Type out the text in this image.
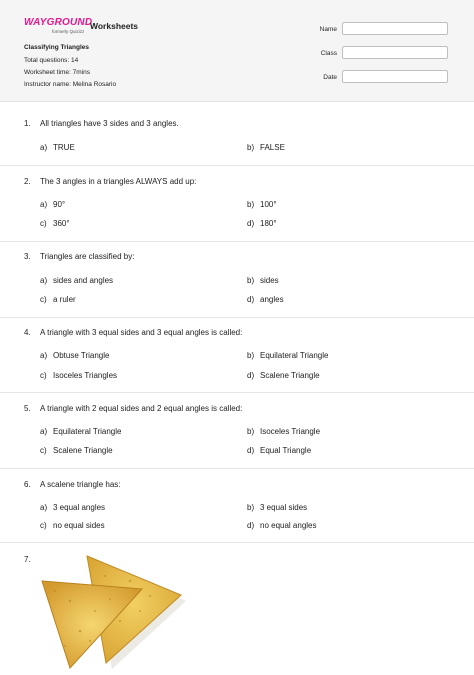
WAYGROUND
formerly Quizizz
Worksheets
Classifying Triangles
Total questions: 14
Worksheet time: 7mins
Instructor name: Melina Rosario
Name
Class
Date
1. All triangles have 3 sides and 3 angles.
a) TRUE	b) FALSE
2. The 3 angles in a triangles ALWAYS add up:
a) 90°	b) 100°
c) 360°	d) 180°
3. Triangles are classified by:
a) sides and angles	b) sides
c) a ruler	d) angles
4. A triangle with 3 equal sides and 3 equal angles is called:
a) Obtuse Triangle	b) Equilateral Triangle
c) Isoceles Triangles	d) Scalene Triangle
5. A triangle with 2 equal sides and 2 equal angles is called:
a) Equilateral Triangle	b) Isoceles Triangle
c) Scalene Triangle	d) Equal Triangle
6. A scalene triangle has:
a) 3 equal angles	b) 3 equal sides
c) no equal sides	d) no equal angles
7.
